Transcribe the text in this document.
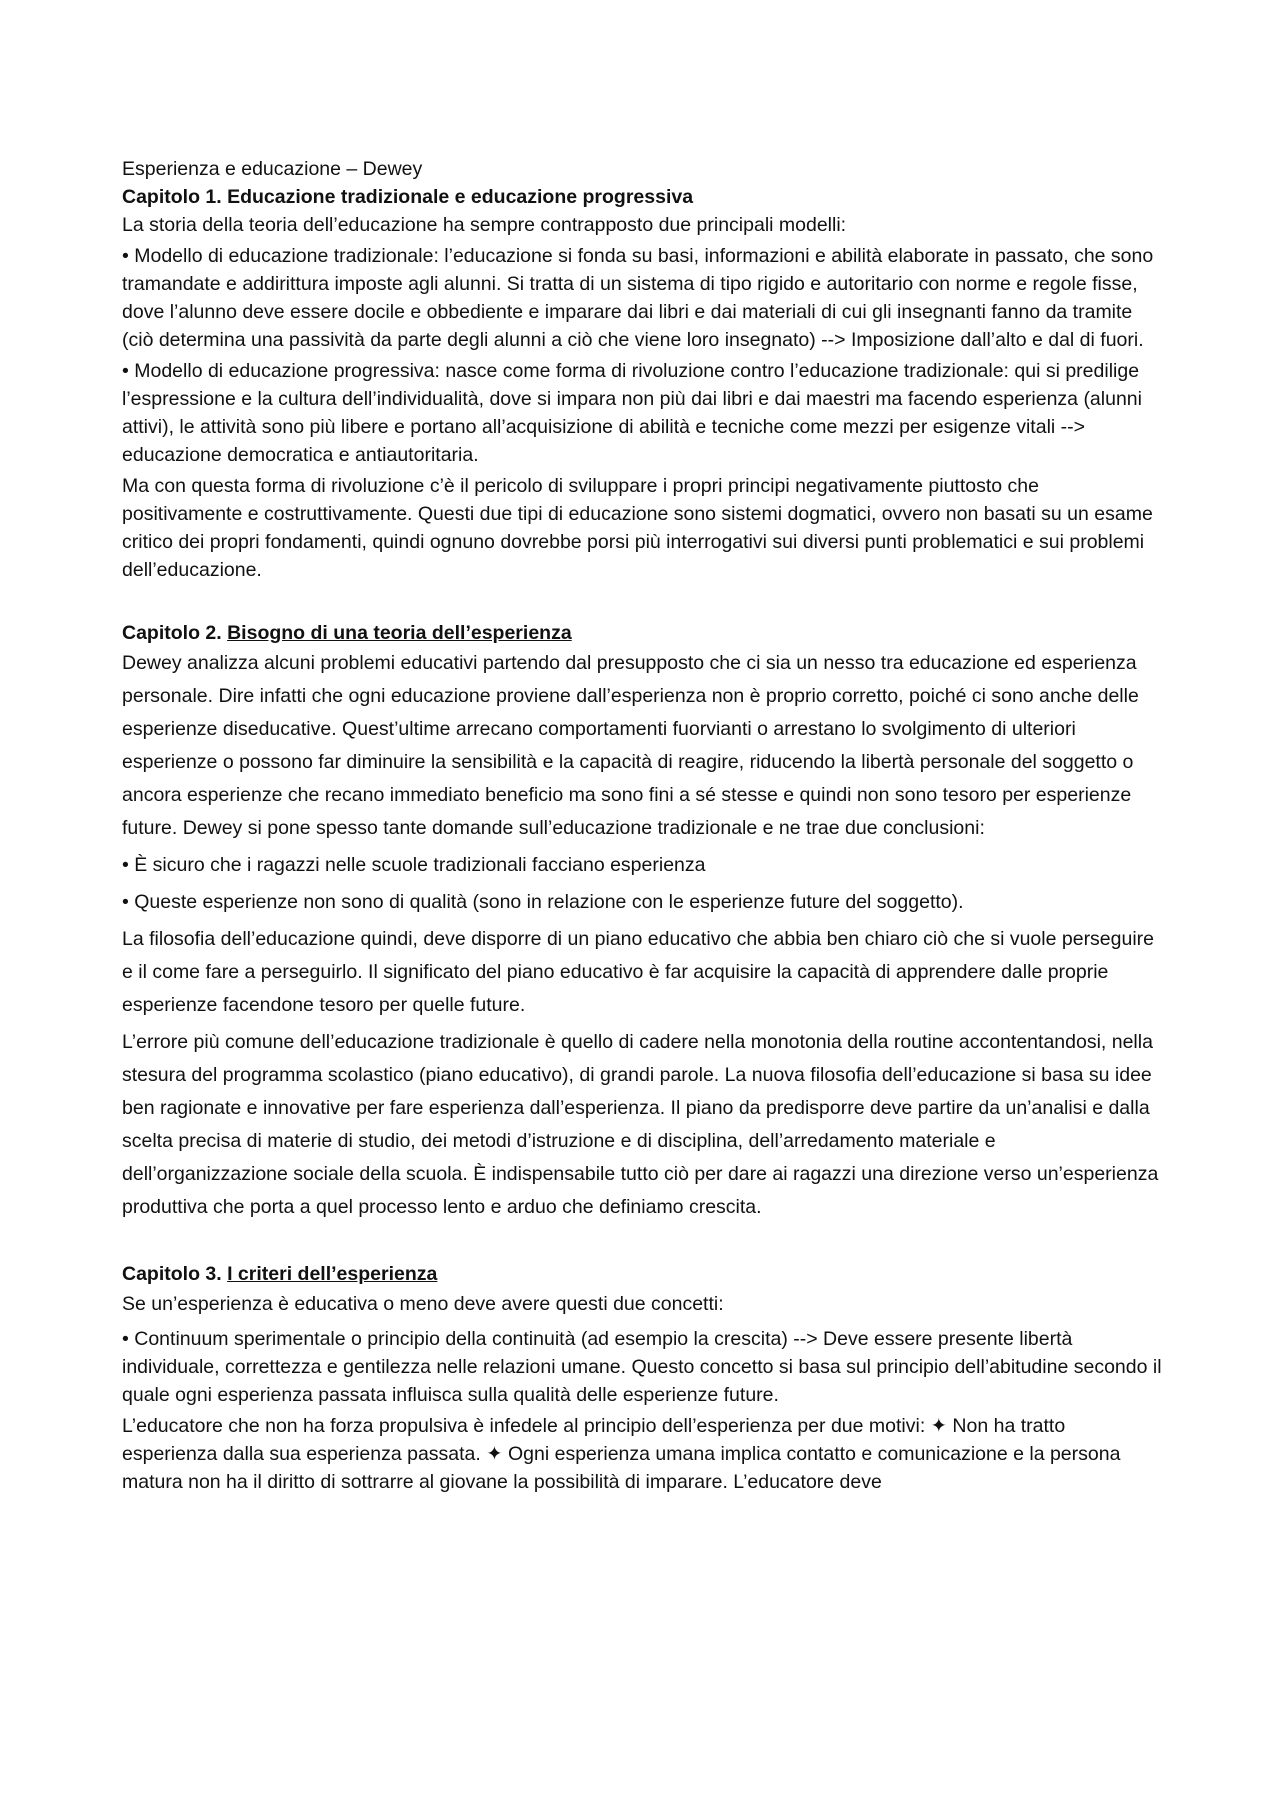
Esperienza e educazione – Dewey

Capitolo 1. Educazione tradizionale e educazione progressiva

La storia della teoria dell’educazione ha sempre contrapposto due principali modelli:

• Modello di educazione tradizionale: l’educazione si fonda su basi, informazioni e abilità elaborate in passato, che sono tramandate e addirittura imposte agli alunni. Si tratta di un sistema di tipo rigido e autoritario con norme e regole fisse, dove l’alunno deve essere docile e obbediente e imparare dai libri e dai materiali di cui gli insegnanti fanno da tramite (ciò determina una passività da parte degli alunni a ciò che viene loro insegnato) --> Imposizione dall’alto e dal di fuori.

• Modello di educazione progressiva: nasce come forma di rivoluzione contro l’educazione tradizionale: qui si predilige l’espressione e la cultura dell’individualità, dove si impara non più dai libri e dai maestri ma facendo esperienza (alunni attivi), le attività sono più libere e portano all’acquisizione di abilità e tecniche come mezzi per esigenze vitali --> educazione democratica e antiautoritaria.

Ma con questa forma di rivoluzione c’è il pericolo di sviluppare i propri principi negativamente piuttosto che positivamente e costruttivamente. Questi due tipi di educazione sono sistemi dogmatici, ovvero non basati su un esame critico dei propri fondamenti, quindi ognuno dovrebbe porsi più interrogativi sui diversi punti problematici e sui problemi dell’educazione.

Capitolo 2. Bisogno di una teoria dell’esperienza

Dewey analizza alcuni problemi educativi partendo dal presupposto che ci sia un nesso tra educazione ed esperienza personale. Dire infatti che ogni educazione proviene dall’esperienza non è proprio corretto, poiché ci sono anche delle esperienze diseducative. Quest’ultime arrecano comportamenti fuorvianti o arrestano lo svolgimento di ulteriori esperienze o possono far diminuire la sensibilità e la capacità di reagire, riducendo la libertà personale del soggetto o ancora esperienze che recano immediato beneficio ma sono fini a sé stesse e quindi non sono tesoro per esperienze future. Dewey si pone spesso tante domande sull’educazione tradizionale e ne trae due conclusioni:

• È sicuro che i ragazzi nelle scuole tradizionali facciano esperienza

• Queste esperienze non sono di qualità (sono in relazione con le esperienze future del soggetto).

La filosofia dell’educazione quindi, deve disporre di un piano educativo che abbia ben chiaro ciò che si vuole perseguire e il come fare a perseguirlo. Il significato del piano educativo è far acquisire la capacità di apprendere dalle proprie esperienze facendone tesoro per quelle future.

L’errore più comune dell’educazione tradizionale è quello di cadere nella monotonia della routine accontentandosi, nella stesura del programma scolastico (piano educativo), di grandi parole. La nuova filosofia dell’educazione si basa su idee ben ragionate e innovative per fare esperienza dall’esperienza. Il piano da predisporre deve partire da un’analisi e dalla scelta precisa di materie di studio, dei metodi d’istruzione e di disciplina, dell’arredamento materiale e dell’organizzazione sociale della scuola. È indispensabile tutto ciò per dare ai ragazzi una direzione verso un’esperienza produttiva che porta a quel processo lento e arduo che definiamo crescita.

Capitolo 3. I criteri dell’esperienza

Se un’esperienza è educativa o meno deve avere questi due concetti:

• Continuum sperimentale o principio della continuità (ad esempio la crescita) --> Deve essere presente libertà individuale, correttezza e gentilezza nelle relazioni umane. Questo concetto si basa sul principio dell’abitudine secondo il quale ogni esperienza passata influisca sulla qualità delle esperienze future.

L’educatore che non ha forza propulsiva è infedele al principio dell’esperienza per due motivi: ✦ Non ha tratto esperienza dalla sua esperienza passata. ✦ Ogni esperienza umana implica contatto e comunicazione e la persona matura non ha il diritto di sottrarre al giovane la possibilità di imparare. L’educatore deve
